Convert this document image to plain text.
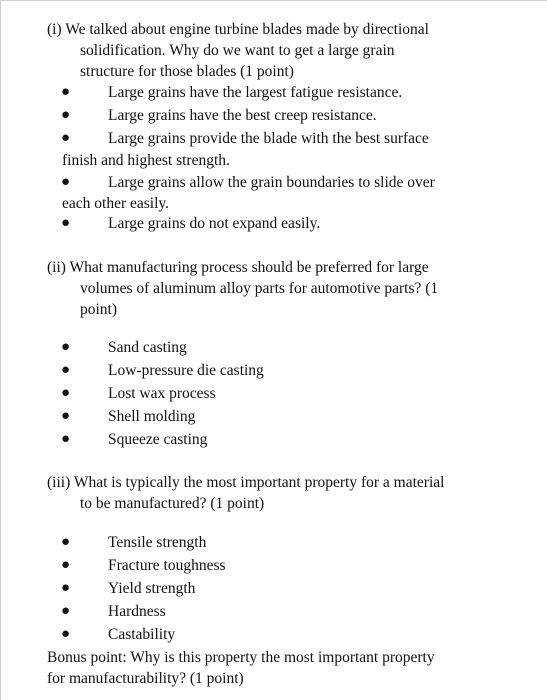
(i) We talked about engine turbine blades made by directional
solidification. Why do we want to get a large grain
structure for those blades (1 point)
●	Large grains have the largest fatigue resistance.
●	Large grains have the best creep resistance.
●	Large grains provide the blade with the best surface
finish and highest strength.
●	Large grains allow the grain boundaries to slide over
each other easily.
●	Large grains do not expand easily.
(ii) What manufacturing process should be preferred for large
volumes of aluminum alloy parts for automotive parts? (1
point)
●	Sand casting
●	Low-pressure die casting
●	Lost wax process
●	Shell molding
●	Squeeze casting
(iii) What is typically the most important property for a material
to be manufactured? (1 point)
●	Tensile strength
●	Fracture toughness
●	Yield strength
●	Hardness
●	Castability
Bonus point: Why is this property the most important property
for manufacturability? (1 point)
